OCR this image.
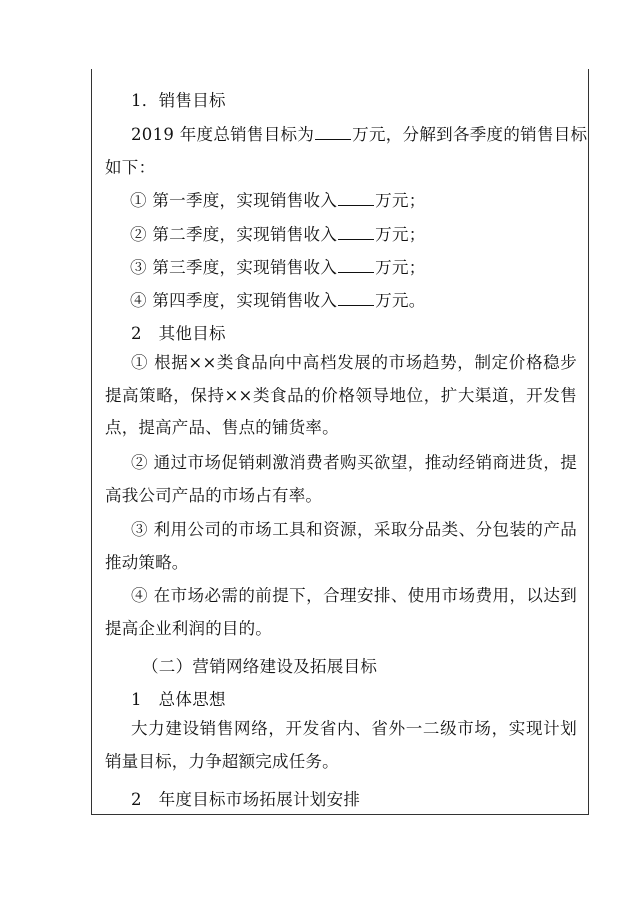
1．销售目标
2019 年度总销售目标为 万元，分解到各季度的销售目标
如下：
① 第一季度，实现销售收入 万元；
② 第二季度，实现销售收入 万元；
③ 第三季度，实现销售收入 万元；
④ 第四季度，实现销售收入 万元。
2　其他目标
① 根据××类食品向中高档发展的市场趋势，制定价格稳步提高策略，保持××类食品的价格领导地位，扩大渠道，开发售点，提高产品、售点的铺货率。
② 通过市场促销刺激消费者购买欲望，推动经销商进货，提高我公司产品的市场占有率。
③ 利用公司的市场工具和资源，采取分品类、分包装的产品推动策略。
④ 在市场必需的前提下，合理安排、使用市场费用，以达到提高企业利润的目的。
（二）营销网络建设及拓展目标
1　总体思想
大力建设销售网络，开发省内、省外一二级市场，实现计划销量目标，力争超额完成任务。
2　年度目标市场拓展计划安排
